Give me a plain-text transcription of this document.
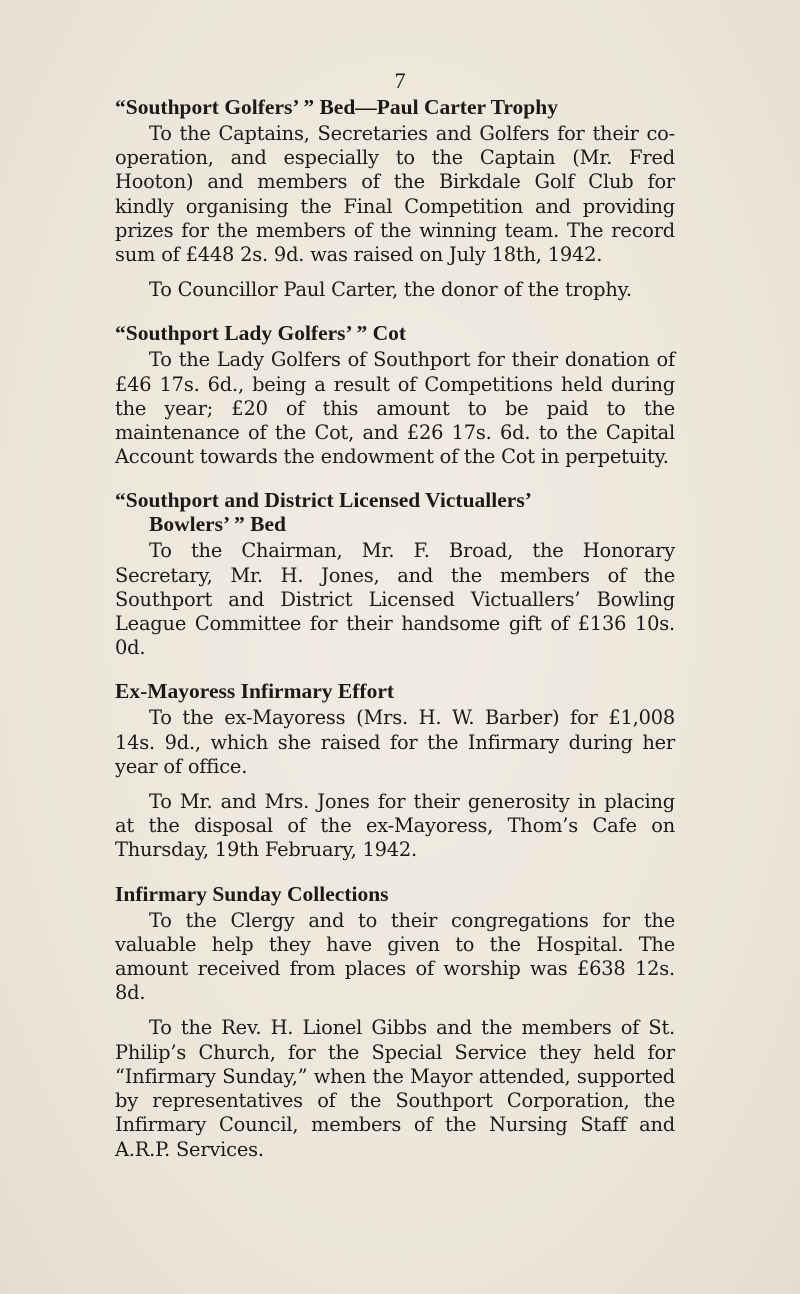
7
“Southport Golfers’ ” Bed—Paul Carter Trophy

To the Captains, Secretaries and Golfers for their co-operation, and especially to the Captain (Mr. Fred Hooton) and members of the Birkdale Golf Club for kindly organising the Final Competition and providing prizes for the members of the winning team. The record sum of £448 2s. 9d. was raised on July 18th, 1942.

To Councillor Paul Carter, the donor of the trophy.

“Southport Lady Golfers’ ” Cot

To the Lady Golfers of Southport for their donation of £46 17s. 6d., being a result of Competitions held during the year; £20 of this amount to be paid to the maintenance of the Cot, and £26 17s. 6d. to the Capital Account towards the endowment of the Cot in perpetuity.

“Southport and District Licensed Victuallers’
Bowlers’ ” Bed

To the Chairman, Mr. F. Broad, the Honorary Secretary, Mr. H. Jones, and the members of the Southport and District Licensed Victuallers’ Bowling League Committee for their handsome gift of £136 10s. 0d.

Ex-Mayoress Infirmary Effort

To the ex-Mayoress (Mrs. H. W. Barber) for £1,008 14s. 9d., which she raised for the Infirmary during her year of office.

To Mr. and Mrs. Jones for their generosity in placing at the disposal of the ex-Mayoress, Thom’s Cafe on Thursday, 19th February, 1942.

Infirmary Sunday Collections

To the Clergy and to their congregations for the valuable help they have given to the Hospital. The amount received from places of worship was £638 12s. 8d.

To the Rev. H. Lionel Gibbs and the members of St. Philip’s Church, for the Special Service they held for “Infirmary Sunday,” when the Mayor attended, supported by representatives of the Southport Corporation, the Infirmary Council, members of the Nursing Staff and A.R.P. Services.
